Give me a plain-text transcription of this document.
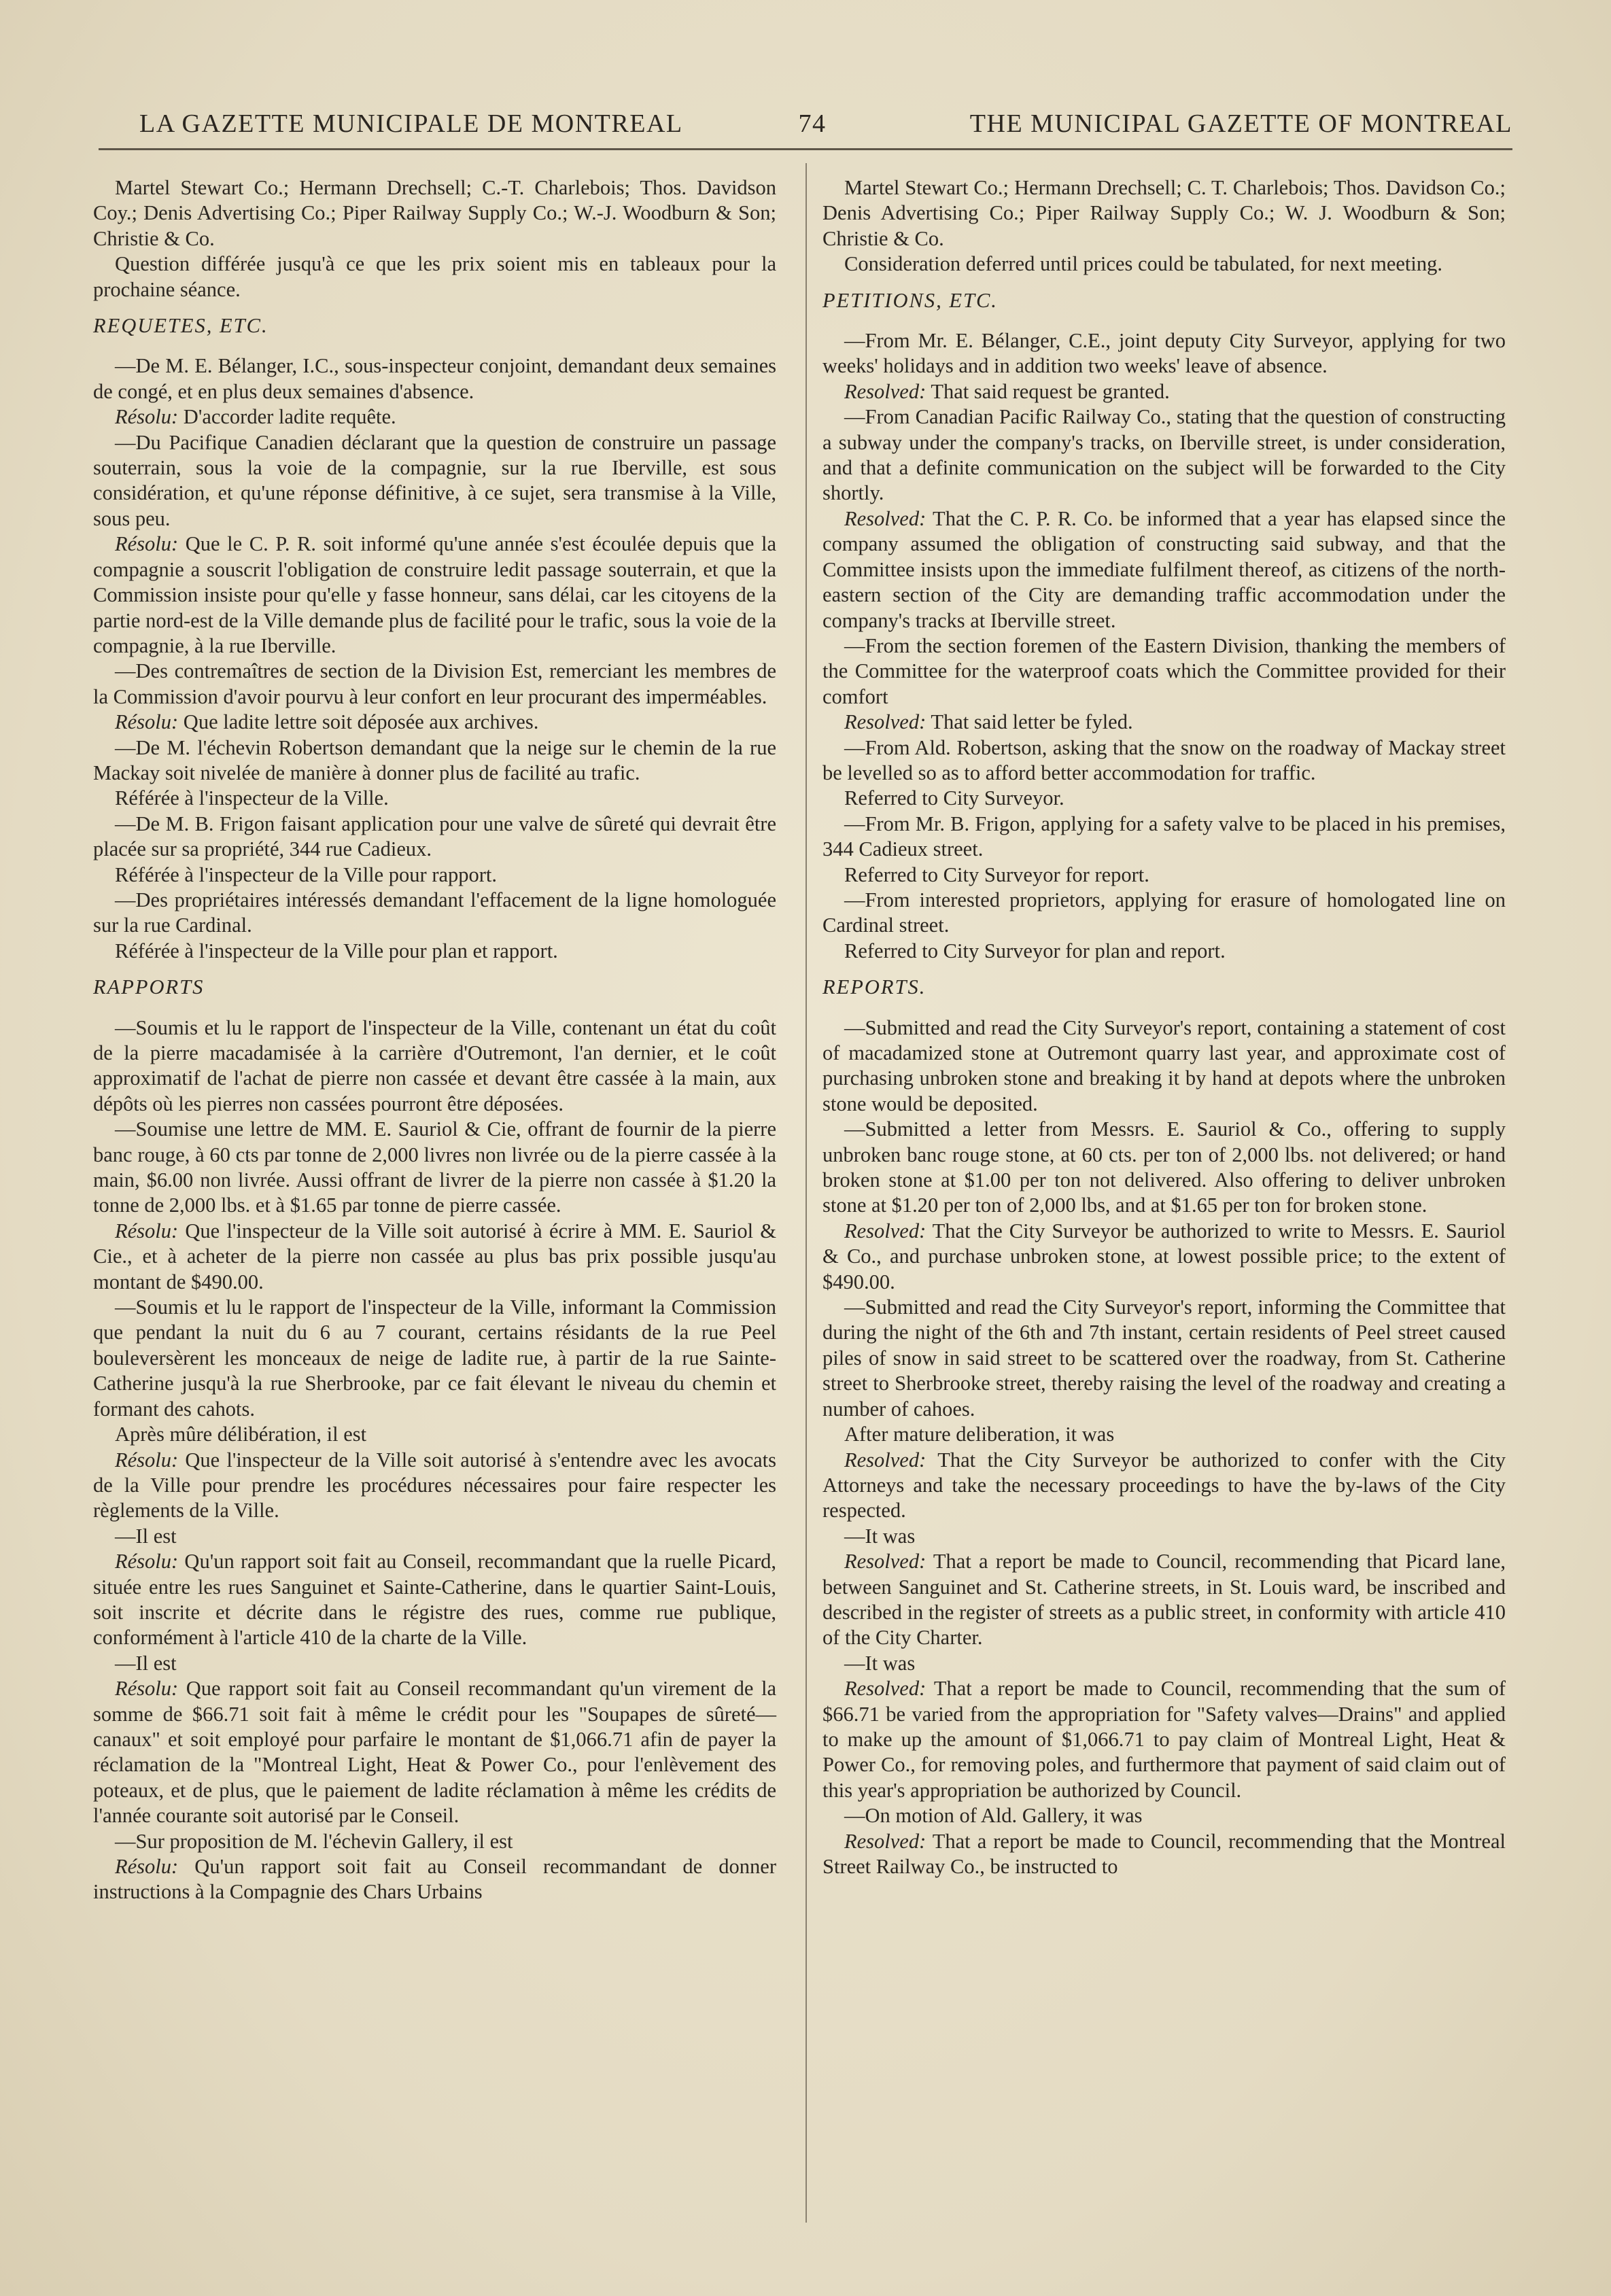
LA GAZETTE MUNICIPALE DE MONTREAL	74	THE MUNICIPAL GAZETTE OF MONTREAL

Martel Stewart Co.; Hermann Drechsell; C.-T. Charlebois; Thos. Davidson Coy.; Denis Advertising Co.; Piper Railway Supply Co.; W.-J. Woodburn & Son; Christie & Co.

Question différée jusqu'à ce que les prix soient mis en tableaux pour la prochaine séance.

REQUETES, ETC.

—De M. E. Bélanger, I.C., sous-inspecteur conjoint, demandant deux semaines de congé, et en plus deux semaines d'absence.

Résolu: D'accorder ladite requête.

—Du Pacifique Canadien déclarant que la question de construire un passage souterrain, sous la voie de la compagnie, sur la rue Iberville, est sous considération, et qu'une réponse définitive, à ce sujet, sera transmise à la Ville, sous peu.

Résolu: Que le C. P. R. soit informé qu'une année s'est écoulée depuis que la compagnie a souscrit l'obligation de construire ledit passage souterrain, et que la Commission insiste pour qu'elle y fasse honneur, sans délai, car les citoyens de la partie nord-est de la Ville demande plus de facilité pour le trafic, sous la voie de la compagnie, à la rue Iberville.

—Des contremaîtres de section de la Division Est, remerciant les membres de la Commission d'avoir pourvu à leur confort en leur procurant des imperméables.

Résolu: Que ladite lettre soit déposée aux archives.

—De M. l'échevin Robertson demandant que la neige sur le chemin de la rue Mackay soit nivelée de manière à donner plus de facilité au trafic.

Référée à l'inspecteur de la Ville.

—De M. B. Frigon faisant application pour une valve de sûreté qui devrait être placée sur sa propriété, 344 rue Cadieux.

Référée à l'inspecteur de la Ville pour rapport.

—Des propriétaires intéressés demandant l'effacement de la ligne homologuée sur la rue Cardinal.

Référée à l'inspecteur de la Ville pour plan et rapport.

RAPPORTS

—Soumis et lu le rapport de l'inspecteur de la Ville, contenant un état du coût de la pierre macadamisée à la carrière d'Outremont, l'an dernier, et le coût approximatif de l'achat de pierre non cassée et devant être cassée à la main, aux dépôts où les pierres non cassées pourront être déposées.

—Soumise une lettre de MM. E. Sauriol & Cie, offrant de fournir de la pierre banc rouge, à 60 cts par tonne de 2,000 livres non livrée ou de la pierre cassée à la main, $6.00 non livrée. Aussi offrant de livrer de la pierre non cassée à $1.20 la tonne de 2,000 lbs. et à $1.65 par tonne de pierre cassée.

Résolu: Que l'inspecteur de la Ville soit autorisé à écrire à MM. E. Sauriol & Cie., et à acheter de la pierre non cassée au plus bas prix possible jusqu'au montant de $490.00.

—Soumis et lu le rapport de l'inspecteur de la Ville, informant la Commission que pendant la nuit du 6 au 7 courant, certains résidants de la rue Peel bouleversèrent les monceaux de neige de ladite rue, à partir de la rue Sainte-Catherine jusqu'à la rue Sherbrooke, par ce fait élevant le niveau du chemin et formant des cahots.

Après mûre délibération, il est

Résolu: Que l'inspecteur de la Ville soit autorisé à s'entendre avec les avocats de la Ville pour prendre les procédures nécessaires pour faire respecter les règlements de la Ville.

—Il est

Résolu: Qu'un rapport soit fait au Conseil, recommandant que la ruelle Picard, située entre les rues Sanguinet et Sainte-Catherine, dans le quartier Saint-Louis, soit inscrite et décrite dans le régistre des rues, comme rue publique, conformément à l'article 410 de la charte de la Ville.

—Il est

Résolu: Que rapport soit fait au Conseil recommandant qu'un virement de la somme de $66.71 soit fait à même le crédit pour les "Soupapes de sûreté—canaux" et soit employé pour parfaire le montant de $1,066.71 afin de payer la réclamation de la "Montreal Light, Heat & Power Co., pour l'enlèvement des poteaux, et de plus, que le paiement de ladite réclamation à même les crédits de l'année courante soit autorisé par le Conseil.

—Sur proposition de M. l'échevin Gallery, il est

Résolu: Qu'un rapport soit fait au Conseil recommandant de donner instructions à la Compagnie des Chars Urbains

Martel Stewart Co.; Hermann Drechsell; C. T. Charlebois; Thos. Davidson Co.; Denis Advertising Co.; Piper Railway Supply Co.; W. J. Woodburn & Son; Christie & Co.

Consideration deferred until prices could be tabulated, for next meeting.

PETITIONS, ETC.

—From Mr. E. Bélanger, C.E., joint deputy City Surveyor, applying for two weeks' holidays and in addition two weeks' leave of absence.

Resolved: That said request be granted.

—From Canadian Pacific Railway Co., stating that the question of constructing a subway under the company's tracks, on Iberville street, is under consideration, and that a definite communication on the subject will be forwarded to the City shortly.

Resolved: That the C. P. R. Co. be informed that a year has elapsed since the company assumed the obligation of constructing said subway, and that the Committee insists upon the immediate fulfilment thereof, as citizens of the north-eastern section of the City are demanding traffic accommodation under the company's tracks at Iberville street.

—From the section foremen of the Eastern Division, thanking the members of the Committee for the waterproof coats which the Committee provided for their comfort

Resolved: That said letter be fyled.

—From Ald. Robertson, asking that the snow on the roadway of Mackay street be levelled so as to afford better accommodation for traffic.

Referred to City Surveyor.

—From Mr. B. Frigon, applying for a safety valve to be placed in his premises, 344 Cadieux street.

Referred to City Surveyor for report.

—From interested proprietors, applying for erasure of homologated line on Cardinal street.

Referred to City Surveyor for plan and report.

REPORTS.

—Submitted and read the City Surveyor's report, containing a statement of cost of macadamized stone at Outremont quarry last year, and approximate cost of purchasing unbroken stone and breaking it by hand at depots where the unbroken stone would be deposited.

—Submitted a letter from Messrs. E. Sauriol & Co., offering to supply unbroken banc rouge stone, at 60 cts. per ton of 2,000 lbs. not delivered; or hand broken stone at $1.00 per ton not delivered. Also offering to deliver unbroken stone at $1.20 per ton of 2,000 lbs, and at $1.65 per ton for broken stone.

Resolved: That the City Surveyor be authorized to write to Messrs. E. Sauriol & Co., and purchase unbroken stone, at lowest possible price; to the extent of $490.00.

—Submitted and read the City Surveyor's report, informing the Committee that during the night of the 6th and 7th instant, certain residents of Peel street caused piles of snow in said street to be scattered over the roadway, from St. Catherine street to Sherbrooke street, thereby raising the level of the roadway and creating a number of cahoes.

After mature deliberation, it was

Resolved: That the City Surveyor be authorized to confer with the City Attorneys and take the necessary proceedings to have the by-laws of the City respected.

—It was

Resolved: That a report be made to Council, recommending that Picard lane, between Sanguinet and St. Catherine streets, in St. Louis ward, be inscribed and described in the register of streets as a public street, in conformity with article 410 of the City Charter.

—It was

Resolved: That a report be made to Council, recommending that the sum of $66.71 be varied from the appropriation for "Safety valves—Drains" and applied to make up the amount of $1,066.71 to pay claim of Montreal Light, Heat & Power Co., for removing poles, and furthermore that payment of said claim out of this year's appropriation be authorized by Council.

—On motion of Ald. Gallery, it was

Resolved: That a report be made to Council, recommending that the Montreal Street Railway Co., be instructed to
